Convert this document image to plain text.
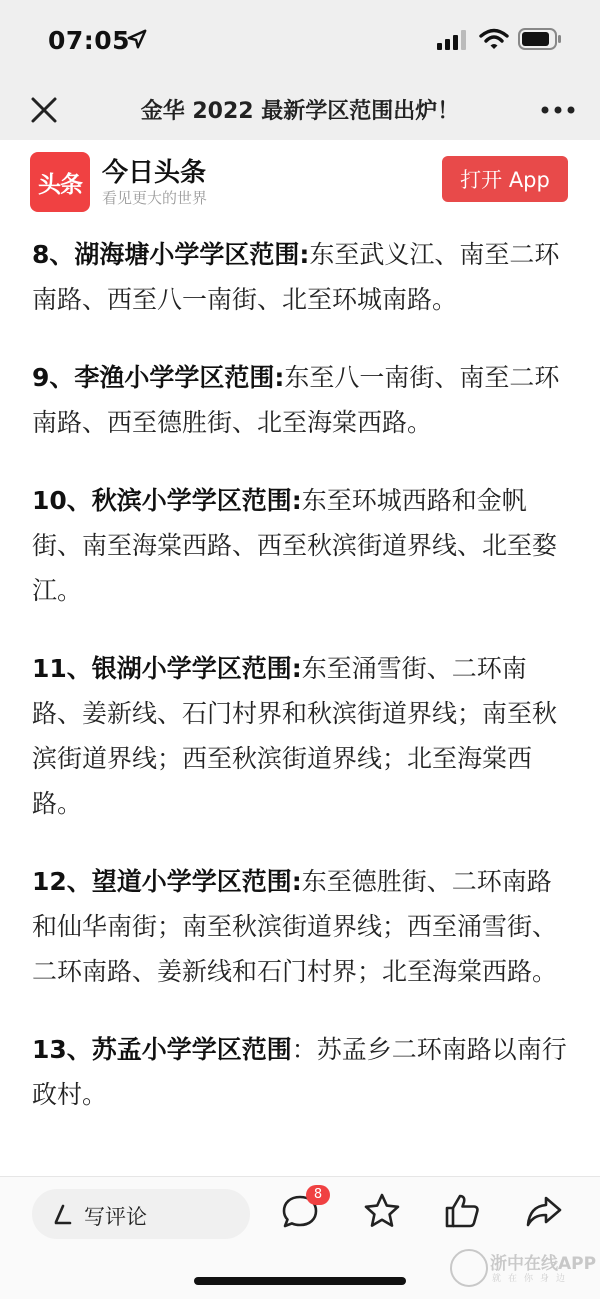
07:05
金华 2022 最新学区范围出炉！
头条 今日头条
看见更大的世界
打开 App

8、湖海塘小学学区范围:东至武义江、南至二环南路、西至八一南街、北至环城南路。

9、李渔小学学区范围:东至八一南街、南至二环南路、西至德胜街、北至海棠西路。

10、秋滨小学学区范围:东至环城西路和金帆街、南至海棠西路、西至秋滨街道界线、北至婺江。

11、银湖小学学区范围:东至涌雪街、二环南路、姜新线、石门村界和秋滨街道界线；南至秋滨街道界线；西至秋滨街道界线；北至海棠西路。

12、望道小学学区范围:东至德胜街、二环南路和仙华南街；南至秋滨街道界线；西至涌雪街、二环南路、姜新线和石门村界；北至海棠西路。

13、苏孟小学学区范围：苏孟乡二环南路以南行政村。

写评论
8
浙中在线APP
就在你身边
